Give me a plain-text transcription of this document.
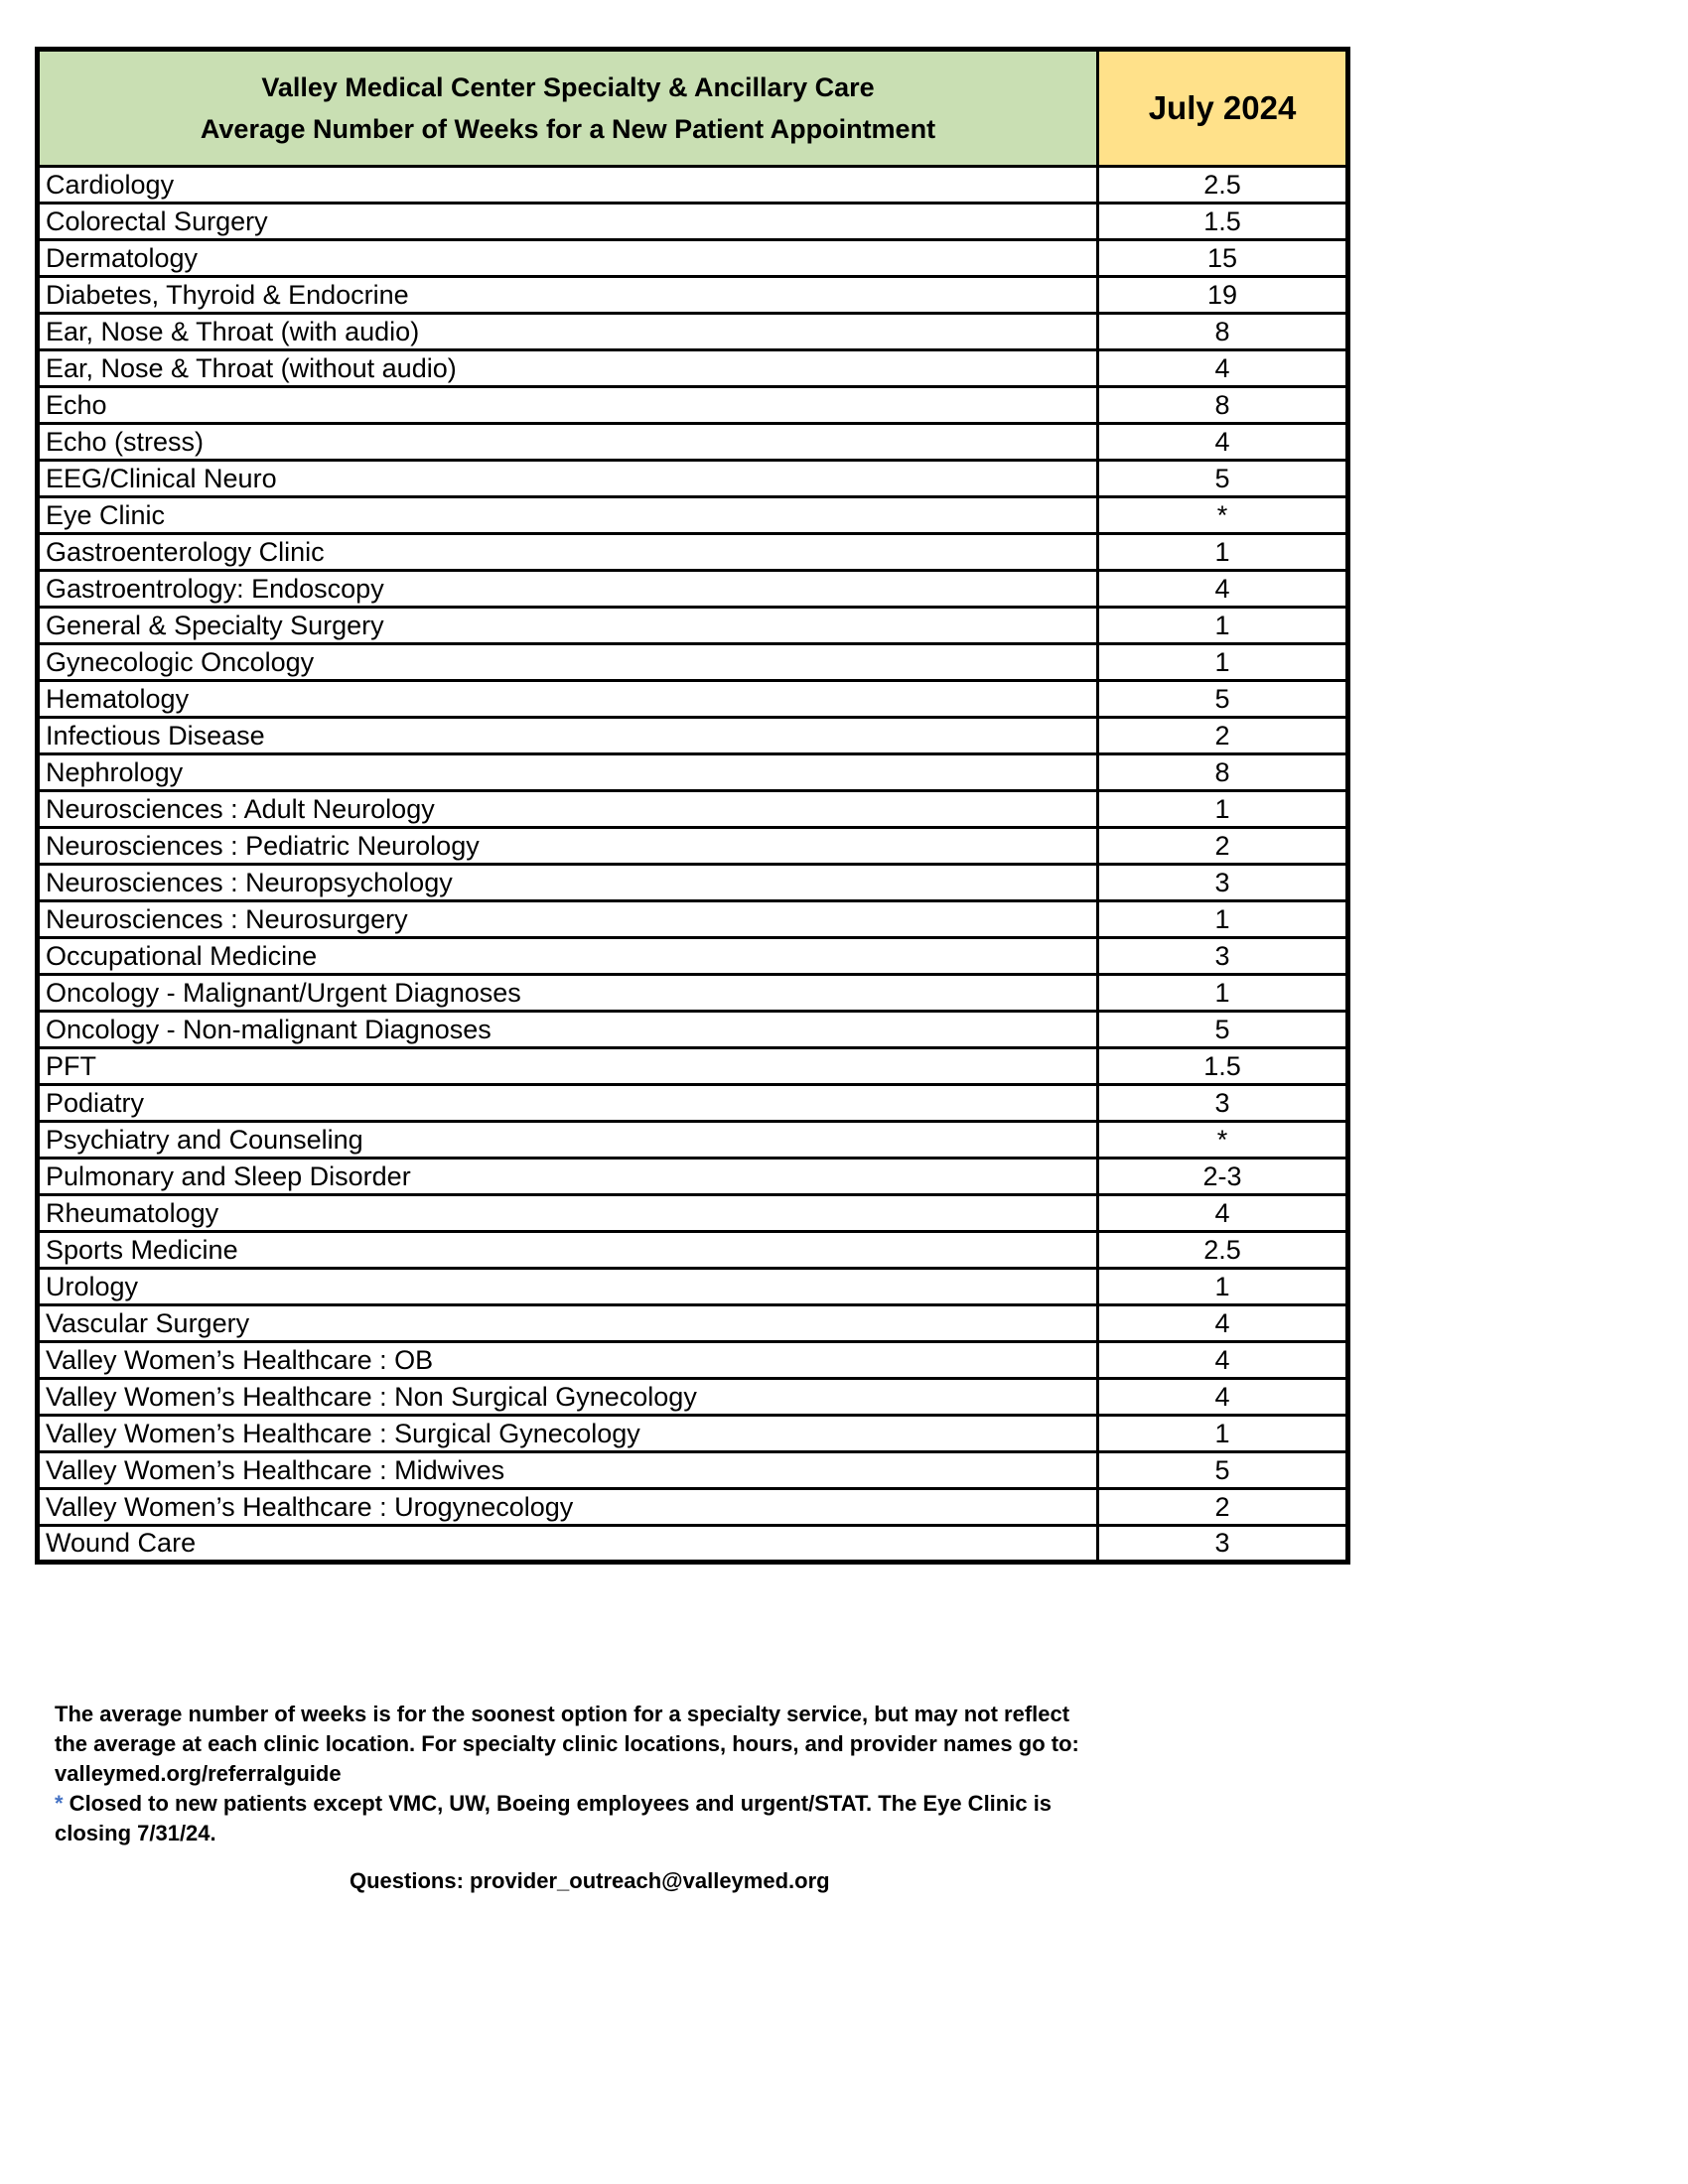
Valley Medical Center Specialty & Ancillary Care
Average Number of Weeks for a New Patient Appointment	July 2024
Cardiology	2.5
Colorectal Surgery	1.5
Dermatology	15
Diabetes, Thyroid & Endocrine	19
Ear, Nose & Throat (with audio)	8
Ear, Nose & Throat (without audio)	4
Echo	8
Echo (stress)	4
EEG/Clinical Neuro	5
Eye Clinic	*
Gastroenterology Clinic	1
Gastroentrology: Endoscopy	4
General & Specialty Surgery	1
Gynecologic Oncology	1
Hematology	5
Infectious Disease	2
Nephrology	8
Neurosciences : Adult Neurology	1
Neurosciences : Pediatric Neurology	2
Neurosciences : Neuropsychology	3
Neurosciences : Neurosurgery	1
Occupational Medicine	3
Oncology - Malignant/Urgent Diagnoses	1
Oncology - Non-malignant Diagnoses	5
PFT	1.5
Podiatry	3
Psychiatry and Counseling	*
Pulmonary and Sleep Disorder	2-3
Rheumatology	4
Sports Medicine	2.5
Urology	1
Vascular Surgery	4
Valley Women’s Healthcare : OB	4
Valley Women’s Healthcare : Non Surgical Gynecology	4
Valley Women’s Healthcare : Surgical Gynecology	1
Valley Women’s Healthcare : Midwives	5
Valley Women’s Healthcare : Urogynecology	2
Wound Care	3
The average number of weeks is for the soonest option for a specialty service, but may not reflect
the average at each clinic location. For specialty clinic locations, hours, and provider names go to:
valleymed.org/referralguide
* Closed to new patients except VMC, UW, Boeing employees and urgent/STAT. The Eye Clinic is
closing 7/31/24.
Questions: provider_outreach@valleymed.org
